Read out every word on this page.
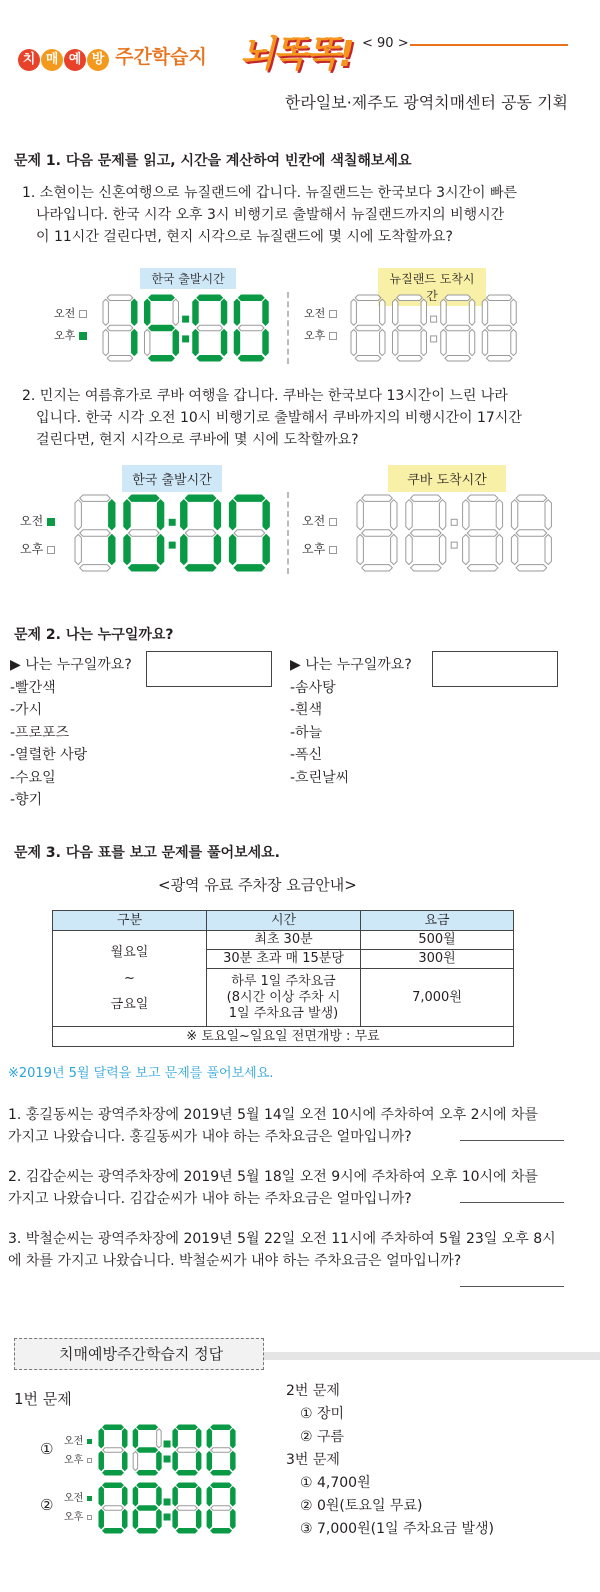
치 매 예 방 주간학습지 뇌똑똑! < 90 >
한라일보·제주도 광역치매센터 공동 기획
문제 1. 다음 문제를 읽고, 시간을 계산하여 빈칸에 색칠해보세요
1. 소현이는 신혼여행으로 뉴질랜드에 갑니다. 뉴질랜드는 한국보다 3시간이 빠른
나라입니다. 한국 시각 오후 3시 비행기로 출발해서 뉴질랜드까지의 비행시간
이 11시간 걸린다면, 현지 시각으로 뉴질랜드에 몇 시에 도착할까요?
한국 출발시간	뉴질랜드 도착시간
오전
오후
오전
오후
2. 민지는 여름휴가로 쿠바 여행을 갑니다. 쿠바는 한국보다 13시간이 느린 나라
입니다. 한국 시각 오전 10시 비행기로 출발해서 쿠바까지의 비행시간이 17시간
걸린다면, 현지 시각으로 쿠바에 몇 시에 도착할까요?
한국 출발시간	쿠바 도착시간
오전
오후
오전
오후
문제 2. 나는 누구일까요?
▶ 나는 누구일까요?
-빨간색
-가시
-프로포즈
-열렬한 사랑
-수요일
-향기
▶ 나는 누구일까요?
-솜사탕
-흰색
-하늘
-폭신
-흐린날씨
문제 3. 다음 표를 보고 문제를 풀어보세요.
<광역 유료 주차장 요금안내>
구분	시간	요금

월요일
~
금요일	최초 30분	500월
	30분 초과 매 15분당	300원

	하루 1일 주차요금
(8시간 이상 주차 시
1일 주차요금 발생)	7,000원
※ 토요일~일요일 전면개방 : 무료		
※2019년 5월 달력을 보고 문제를 풀어보세요.
1. 홍길동씨는 광역주차장에 2019년 5월 14일 오전 10시에 주차하여 오후 2시에 차를
가지고 나왔습니다. 홍길동씨가 내야 하는 주차요금은 얼마입니까?
2. 김갑순씨는 광역주차장에 2019년 5월 18일 오전 9시에 주차하여 오후 10시에 차를
가지고 나왔습니다. 김갑순씨가 내야 하는 주차요금은 얼마입니까?
3. 박철순씨는 광역주차장에 2019년 5월 22일 오전 11시에 주차하여 5월 23일 오후 8시
에 차를 가지고 나왔습니다. 박철순씨가 내야 하는 주차요금은 얼마입니까?
치매예방주간학습지 정답
1번 문제
① 오전
오후
② 오전
오후
2번 문제
① 장미
② 구름
3번 문제
① 4,700원
② 0원(토요일 무료)
③ 7,000원(1일 주차요금 발생)
